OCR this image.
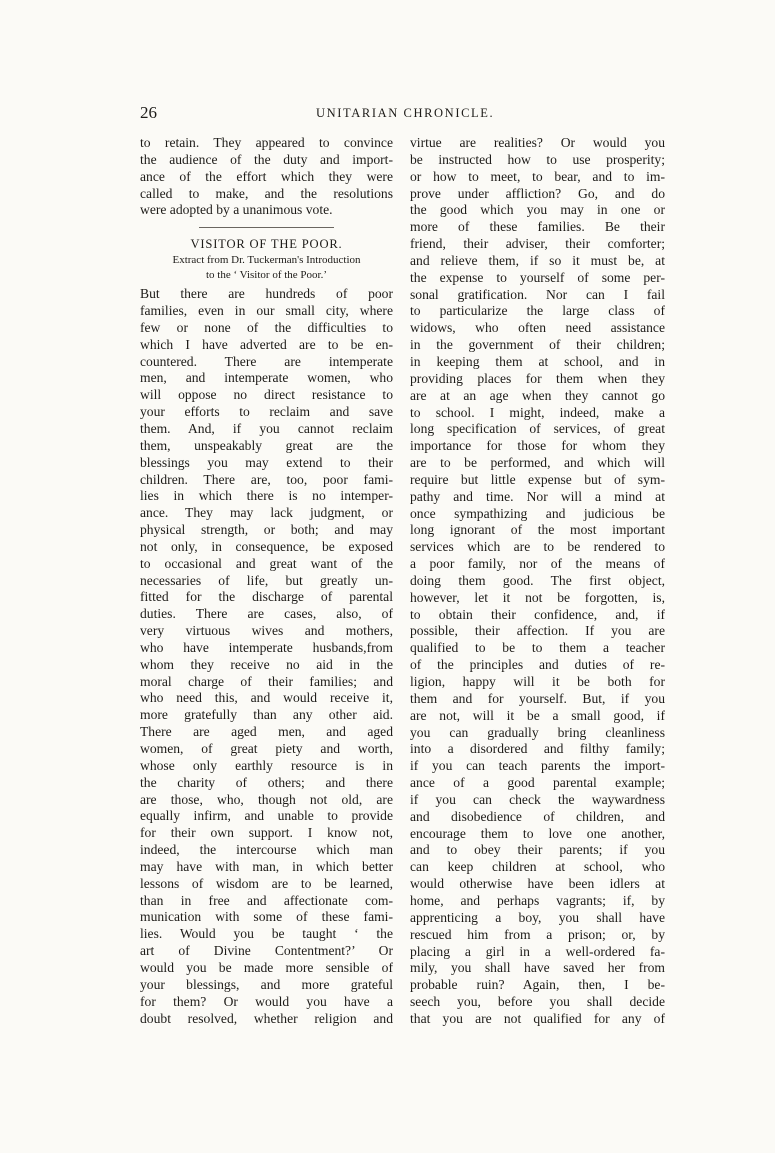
26	UNITARIAN CHRONICLE.
to retain. They appeared to convince
the audience of the duty and import-
ance of the effort which they were
called to make, and the resolutions
were adopted by a unanimous vote.
VISITOR OF THE POOR.
Extract from Dr. Tuckerman's Introduction
to the ‘ Visitor of the Poor.’
But there are hundreds of poor
families, even in our small city, where
few or none of the difficulties to
which I have adverted are to be en-
countered. There are intemperate
men, and intemperate women, who
will oppose no direct resistance to
your efforts to reclaim and save
them. And, if you cannot reclaim
them, unspeakably great are the
blessings you may extend to their
children. There are, too, poor fami-
lies in which there is no intemper-
ance. They may lack judgment, or
physical strength, or both; and may
not only, in consequence, be exposed
to occasional and great want of the
necessaries of life, but greatly un-
fitted for the discharge of parental
duties. There are cases, also, of
very virtuous wives and mothers,
who have intemperate husbands,from
whom they receive no aid in the
moral charge of their families; and
who need this, and would receive it,
more gratefully than any other aid.
There are aged men, and aged
women, of great piety and worth,
whose only earthly resource is in
the charity of others; and there
are those, who, though not old, are
equally infirm, and unable to provide
for their own support. I know not,
indeed, the intercourse which man
may have with man, in which better
lessons of wisdom are to be learned,
than in free and affectionate com-
munication with some of these fami-
lies. Would you be taught ‘ the
art of Divine Contentment?’ Or
would you be made more sensible of
your blessings, and more grateful
for them? Or would you have a
doubt resolved, whether religion and
virtue are realities? Or would you
be instructed how to use prosperity;
or how to meet, to bear, and to im-
prove under affliction? Go, and do
the good which you may in one or
more of these families. Be their
friend, their adviser, their comforter;
and relieve them, if so it must be, at
the expense to yourself of some per-
sonal gratification. Nor can I fail
to particularize the large class of
widows, who often need assistance
in the government of their children;
in keeping them at school, and in
providing places for them when they
are at an age when they cannot go
to school. I might, indeed, make a
long specification of services, of great
importance for those for whom they
are to be performed, and which will
require but little expense but of sym-
pathy and time. Nor will a mind at
once sympathizing and judicious be
long ignorant of the most important
services which are to be rendered to
a poor family, nor of the means of
doing them good. The first object,
however, let it not be forgotten, is,
to obtain their confidence, and, if
possible, their affection. If you are
qualified to be to them a teacher
of the principles and duties of re-
ligion, happy will it be both for
them and for yourself. But, if you
are not, will it be a small good, if
you can gradually bring cleanliness
into a disordered and filthy family;
if you can teach parents the import-
ance of a good parental example;
if you can check the waywardness
and disobedience of children, and
encourage them to love one another,
and to obey their parents; if you
can keep children at school, who
would otherwise have been idlers at
home, and perhaps vagrants; if, by
apprenticing a boy, you shall have
rescued him from a prison; or, by
placing a girl in a well-ordered fa-
mily, you shall have saved her from
probable ruin? Again, then, I be-
seech you, before you shall decide
that you are not qualified for any of
